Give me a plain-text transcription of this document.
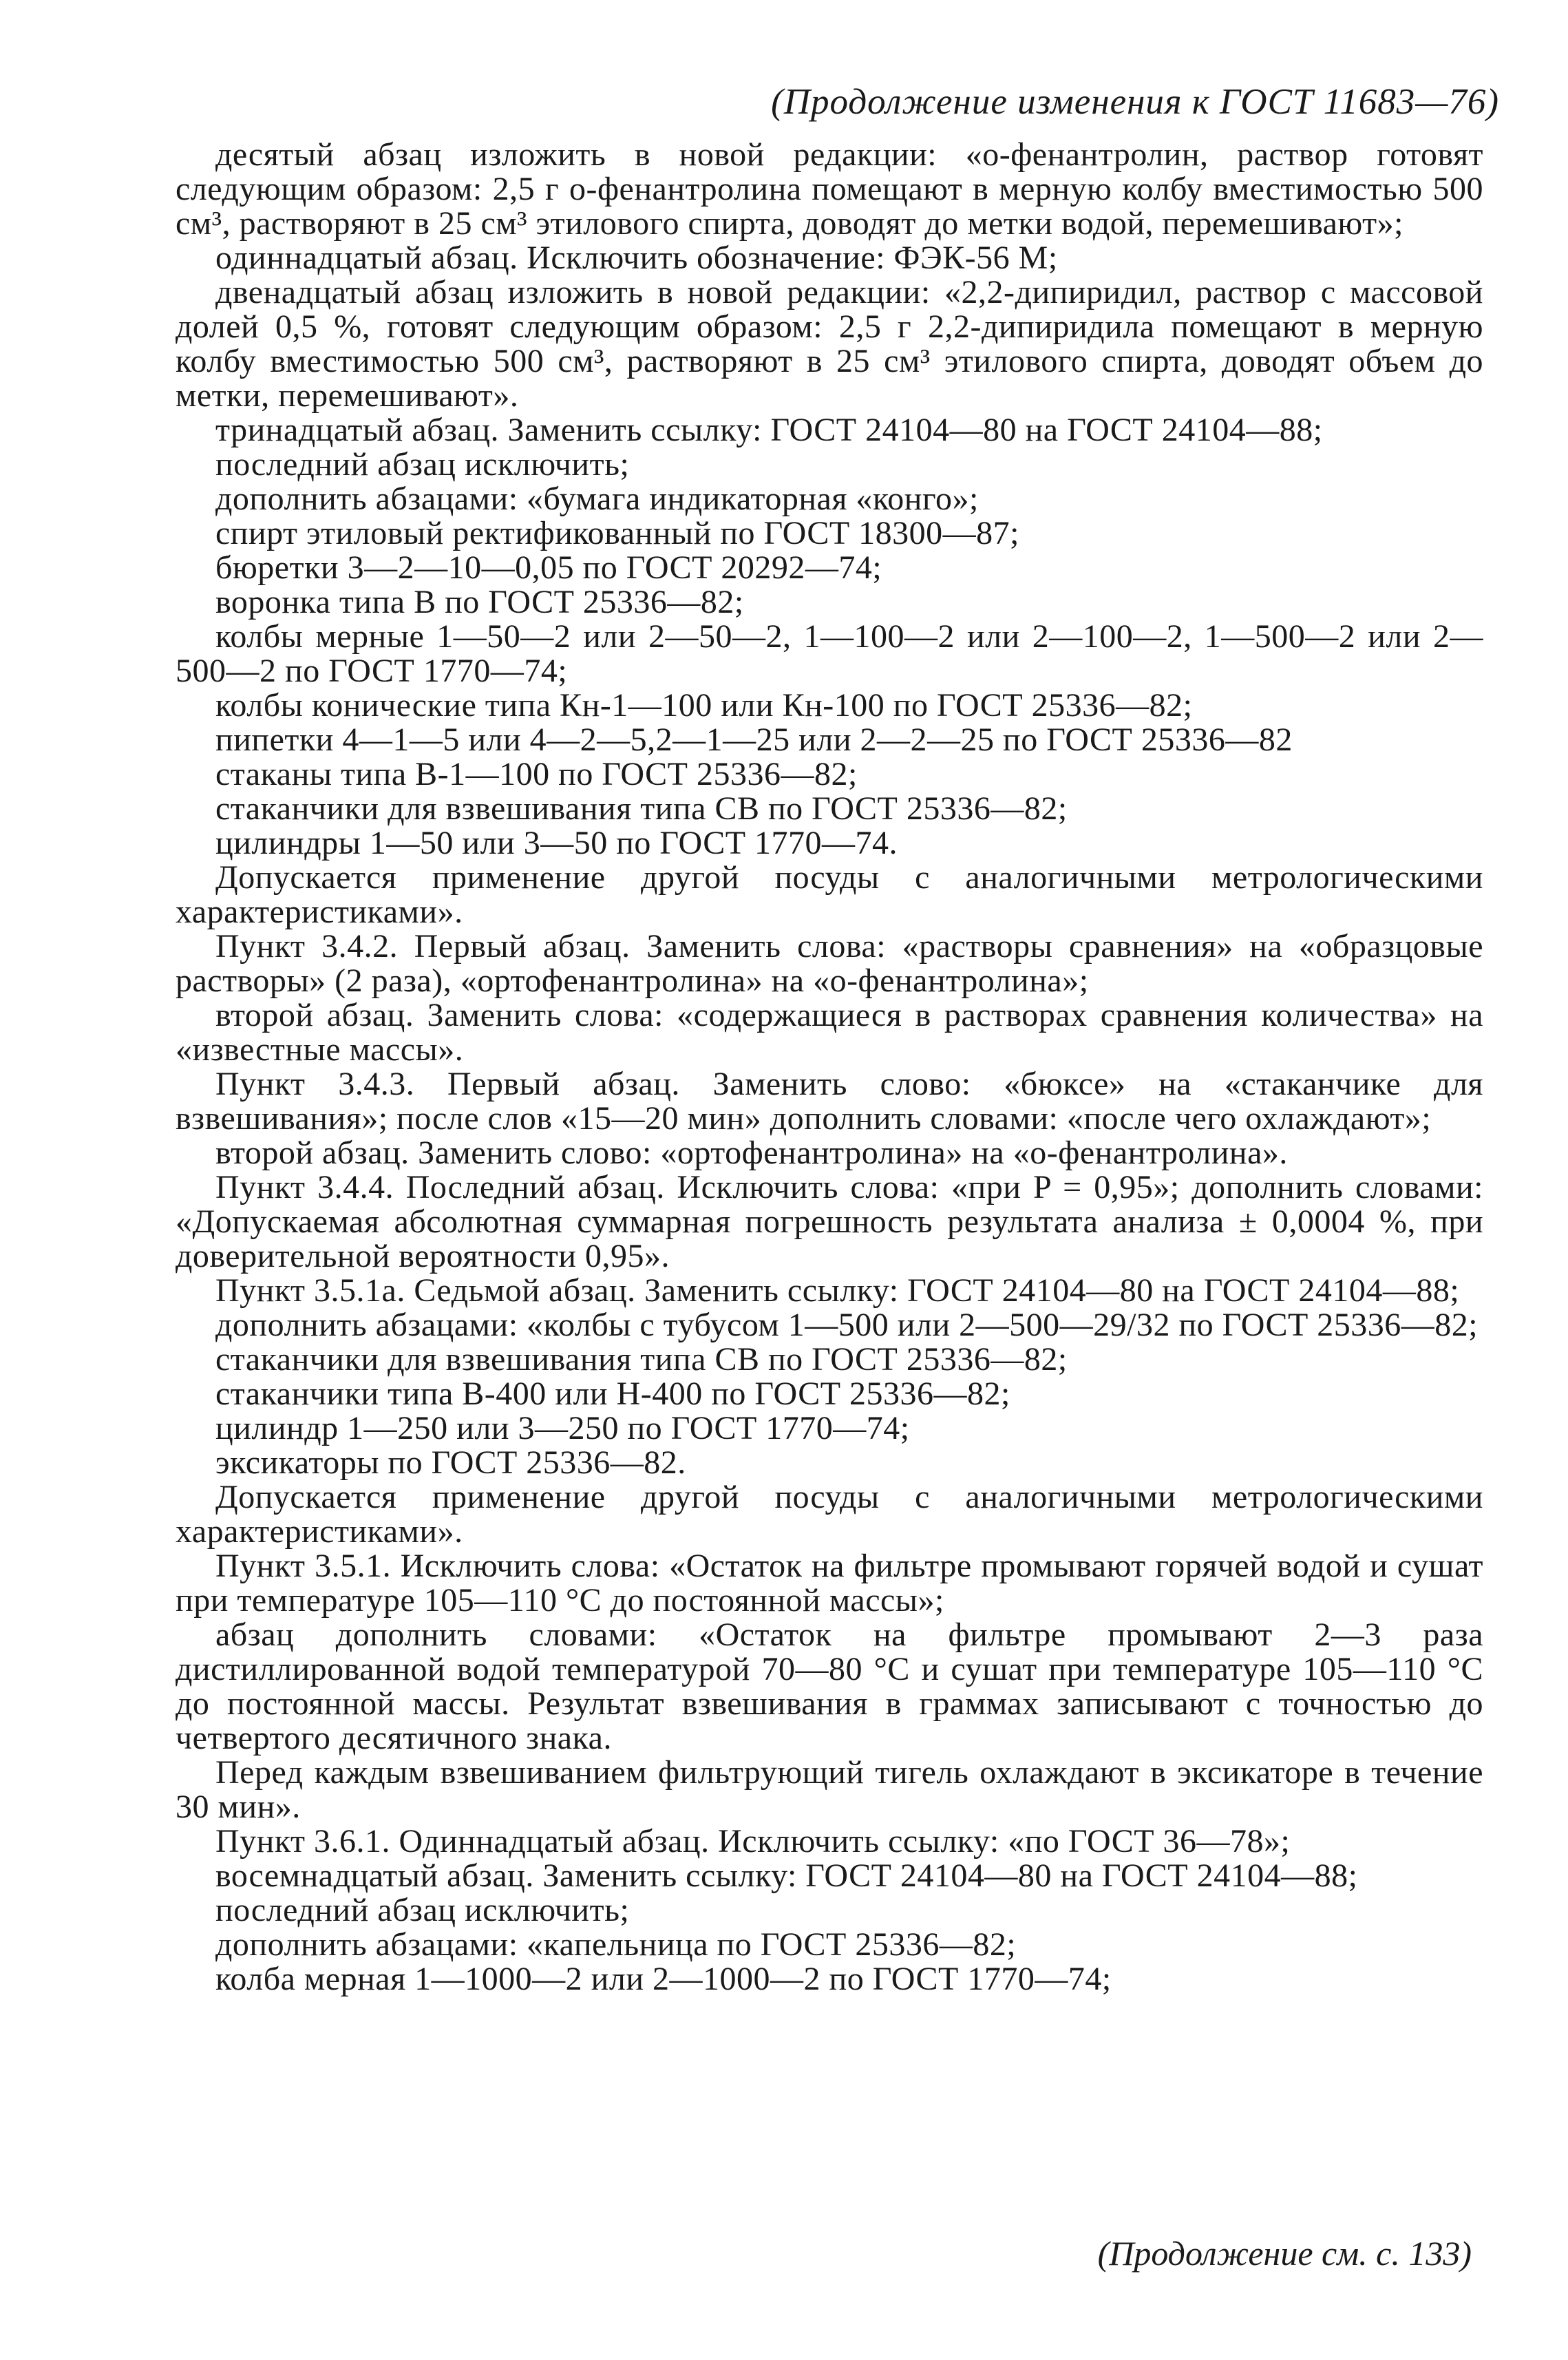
(Продолжение изменения к ГОСТ 11683—76)

десятый абзац изложить в новой редакции: «о-фенантролин, раствор готовят следующим образом: 2,5 г о-фенантролина помещают в мерную колбу вместимостью 500 см³, растворяют в 25 см³ этилового спирта, доводят до метки водой, перемешивают»;

одиннадцатый абзац. Исключить обозначение: ФЭК-56 М;

двенадцатый абзац изложить в новой редакции: «2,2-дипиридил, раствор с массовой долей 0,5 %, готовят следующим образом: 2,5 г 2,2-дипиридила помещают в мерную колбу вместимостью 500 см³, растворяют в 25 см³ этилового спирта, доводят объем до метки, перемешивают».

тринадцатый абзац. Заменить ссылку: ГОСТ 24104—80 на ГОСТ 24104—88;

последний абзац исключить;

дополнить абзацами: «бумага индикаторная «конго»;

спирт этиловый ректификованный по ГОСТ 18300—87;

бюретки 3—2—10—0,05 по ГОСТ 20292—74;

воронка типа В по ГОСТ 25336—82;

колбы мерные 1—50—2 или 2—50—2, 1—100—2 или 2—100—2, 1—500—2 или 2—500—2 по ГОСТ 1770—74;

колбы конические типа Кн-1—100 или Кн-100 по ГОСТ 25336—82;

пипетки 4—1—5 или 4—2—5,2—1—25 или 2—2—25 по ГОСТ 25336—82

стаканы типа В-1—100 по ГОСТ 25336—82;

стаканчики для взвешивания типа СВ по ГОСТ 25336—82;

цилиндры 1—50 или 3—50 по ГОСТ 1770—74.

Допускается применение другой посуды с аналогичными метрологическими характеристиками».

Пункт 3.4.2. Первый абзац. Заменить слова: «растворы сравнения» на «образцовые растворы» (2 раза), «ортофенантролина» на «о-фенантролина»;

второй абзац. Заменить слова: «содержащиеся в растворах сравнения количества» на «известные массы».

Пункт 3.4.3. Первый абзац. Заменить слово: «бюксе» на «стаканчике для взвешивания»; после слов «15—20 мин» дополнить словами: «после чего охлаждают»;

второй абзац. Заменить слово: «ортофенантролина» на «о-фенантролина».

Пункт 3.4.4. Последний абзац. Исключить слова: «при P = 0,95»; дополнить словами: «Допускаемая абсолютная суммарная погрешность результата анализа ± 0,0004 %, при доверительной вероятности 0,95».

Пункт 3.5.1а. Седьмой абзац. Заменить ссылку: ГОСТ 24104—80 на ГОСТ 24104—88;

дополнить абзацами: «колбы с тубусом 1—500 или 2—500—29/32 по ГОСТ 25336—82;

стаканчики для взвешивания типа СВ по ГОСТ 25336—82;

стаканчики типа В-400 или Н-400 по ГОСТ 25336—82;

цилиндр 1—250 или 3—250 по ГОСТ 1770—74;

эксикаторы по ГОСТ 25336—82.

Допускается применение другой посуды с аналогичными метрологическими характеристиками».

Пункт 3.5.1. Исключить слова: «Остаток на фильтре промывают горячей водой и сушат при температуре 105—110 °С до постоянной массы»;

абзац дополнить словами: «Остаток на фильтре промывают 2—3 раза дистиллированной водой температурой 70—80 °С и сушат при температуре 105—110 °С до постоянной массы. Результат взвешивания в граммах записывают с точностью до четвертого десятичного знака.

Перед каждым взвешиванием фильтрующий тигель охлаждают в эксикаторе в течение 30 мин».

Пункт 3.6.1. Одиннадцатый абзац. Исключить ссылку: «по ГОСТ 36—78»;

восемнадцатый абзац. Заменить ссылку: ГОСТ 24104—80 на ГОСТ 24104—88;

последний абзац исключить;

дополнить абзацами: «капельница по ГОСТ 25336—82;

колба мерная 1—1000—2 или 2—1000—2 по ГОСТ 1770—74;

(Продолжение см. с. 133)
